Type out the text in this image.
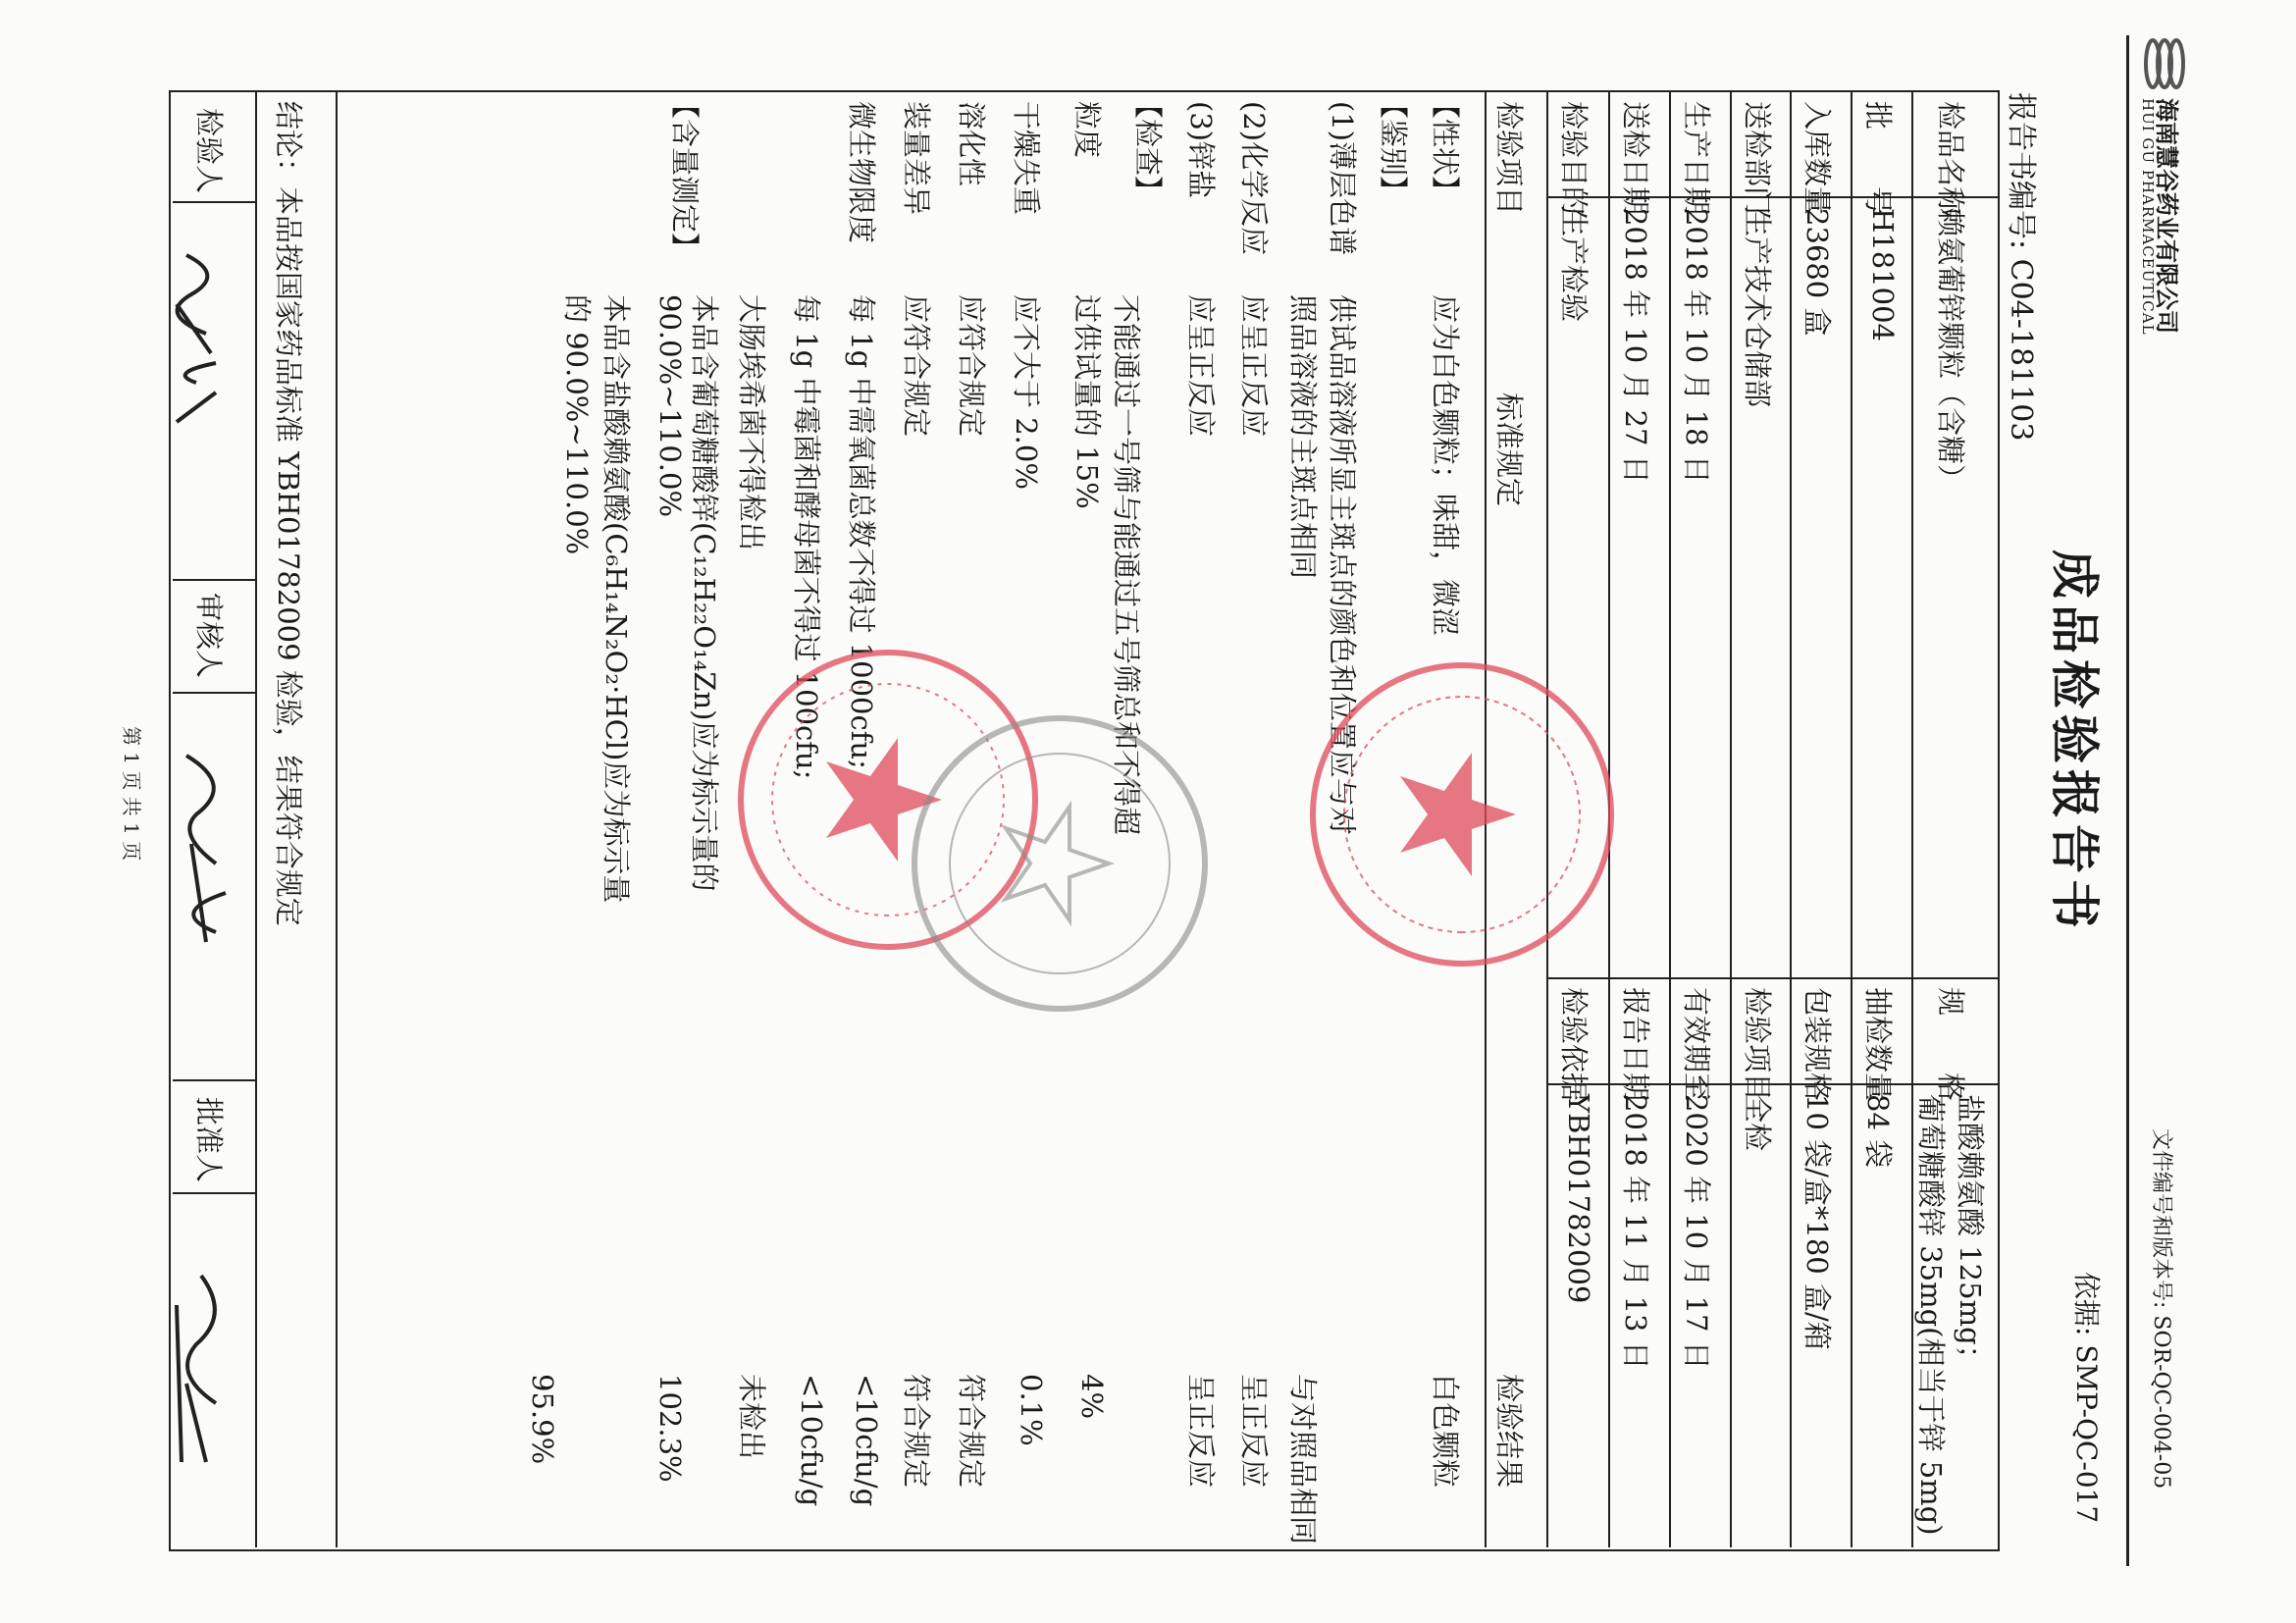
海南慧谷药业有限公司
HUI GU PHARMACEUTICAL
文件编号和版本号: SOR-QC-004-05
依据: SMP-QC-017
成品检验报告书
报告书编号: C04-181103
检品名称
赖氨葡锌颗粒（含糖）
规　　格
盐酸赖氨酸 125mg；
葡萄糖酸锌 35mg(相当于锌 5mg)
批　　号
H181004
抽检数量
84 袋
入库数量
23680 盒
包装规格
10 袋/盒*180 盒/箱
送检部门
生产技术仓储部
检验项目
全检
生产日期
2018 年 10 月 18 日
有效期至
2020 年 10 月 17 日
送检日期
2018 年 10 月 27 日
报告日期
2018 年 11 月 13 日
检验目的
生产检验
检验依据
YBH01782009
检验项目
标准规定
检验结果
【性状】
应为白色颗粒；味甜，微涩
白色颗粒
【鉴别】
(1)薄层色谱
供试品溶液所显主斑点的颜色和位置应与对
照品溶液的主斑点相同
与对照品相同
(2)化学反应
应呈正反应
呈正反应
(3)锌盐
应呈正反应
呈正反应
【检查】
不能通过一号筛与能通过五号筛总和不得超
粒度
过供试量的 15%
4%
干燥失重
应不大于 2.0%
0.1%
溶化性
应符合规定
符合规定
装量差异
应符合规定
符合规定
微生物限度
每 1g 中需氧菌总数不得过 1000cfu;
<10cfu/g
每 1g 中霉菌和酵母菌不得过 100cfu;
<10cfu/g
大肠埃希菌不得检出
未检出
【含量测定】
本品含葡萄糖酸锌(C₁₂H₂₂O₁₄Zn)应为标示量的
90.0%~110.0%
102.3%
本品含盐酸赖氨酸(C₆H₁₄N₂O₂·HCl)应为标示量
的 90.0%~110.0%
95.9%
结论：本品按国家药品标准 YBH01782009 检验，结果符合规定
检验人
审核人
批准人
第 1 页 共 1 页
